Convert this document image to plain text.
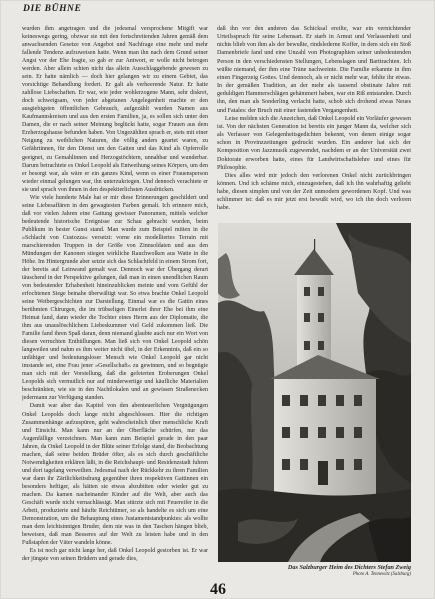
DIE BÜHNE

wurden ihm angetragen und die jedesmal versprochene Mitgift war keineswegs gering, obzwar sie mit den fortschreitenden Jahren gemäß dem anwachsenden Gesetze von Angebot und Nachfrage eine mehr und mehr fallende Tendenz aufzuweisen hatte. Wenn man ihn nach dem Grund seiner Angst vor der Ehe fragte, so gab er zur Antwort, er wolle nicht betrogen werden. Aber allein schien nicht das allein Ausschlaggebende gewesen zu sein. Er hatte nämlich — doch hier gelangen wir zu einem Gebiet, das vorsichtige Behandlung fordert. Er galt als verheerende Natur. Er hatte zahllose Liebschaften. Er war, wie jeder wohlerzogene Mann, sehr diskret, doch schweigsam, von jeder abgetanen Angelegenheit machte er den ausgiebigsten öffentlichen Gebrauch, aufgezählt wurden Namen aus Kaufmannskreisen und aus den ersten Familien, ja, es sollen sich unter den Damen, die er nach seiner Meinung beglückt hatte, sogar Frauen aus dem Erzherzogshause befunden haben. Von Ungezählten sprach er, stets mit einer Neigung zu weiblichen Naturen, die völlig anders geartet waren, zu Gefährtinnen, für den Dienst um den Gatten und das Kind als Opferrolle geeignet, zu Gemahlinnen und Herzogstöchtern, unnahbar und wunderbar. Darum betrachtete es Onkel Leopold als Entweihung seines Körpers, um den er besorgt war, als wäre er ein ganzes Kind, wenn es einer Frauensperson wieder einmal gelungen war, ihn unterzukriegen. Und dennoch verachtete er sie und sprach von ihnen in den despektierlichsten Ausdrücken.

Wie viele hunderte Male hat er mir diese Erinnerungen geschildert und seine Liebesaffären in den gewagtesten Farben gemalt. Ich erinnere mich, daß vor vielen Jahren eine Gattung gewisser Panoramen, mittels welcher bedeutende historische Ereignisse zur Schau gebracht wurden, beim Publikum in bester Gunst stand. Man wurde zum Beispiel mitten in die »Schlacht von Custozza« versetzt: vorne ein modelliertes Terrain mit marschierenden Truppen in der Größe von Zinnsoldaten und aus den Mündungen der Kanonen stiegen wirkliche Rauchwolken aus Watte in die Höhe. Im Hintergrunde aber setzte sich das Schlachtfeld in einem Strom fort, der bereits auf Leinwand gemalt war. Dennoch war der Übergang derart täuschend in der Perspektive gelungen, daß man in einen unendlichen Raum von bedeutender Erhabenheit hineinzublicken meinte und vom Gefühl der erfochtenen Siege beinahe überwältigt war. So etwa brachte Onkel Leopold seine Weibergeschichten zur Darstellung. Einmal war es die Gattin eines berühmten Chirurgen, die im trübseligen Einerlei ihrer Ehe bei ihm eine Heimat fand, dann wieder die Tochter eines Herrn aus der Diplomatie, die ihm aus unauslöschlichem Liebeskummer viel Geld zukommen ließ. Die Familie fand ihren Spaß daran, denn niemand glaubte auch nur ein Wort von diesen verruchten Enthüllungen. Man ließ sich von Onkel Leopold schön langweilen und nahm es ihm weiter nicht übel, in der Erkenntnis, daß ein so unfähiger und bedeutungsloser Mensch wie Onkel Leopold gar nicht imstande sei, eine Frau jener »Gesellschaft« zu gewinnen, und so begnügte man sich mit der Vorstellung, daß die gefeierten Eroberungen Onkel Leopolds sich vermutlich nur auf minderwertige und käufliche Materialien beschränkten, wie sie in den Nachtlokalen und an gewissen Straßenecken jedermann zur Verfügung standen.

Damit war aber das Kapitel von den abenteuerlichen Vergnügungen Onkel Leopolds doch lange nicht abgeschlossen. Hier die richtigen Zusammenhänge aufzuspüren, geht wahrscheinlich über menschliche Kraft und Einsicht. Man kann nur an der Oberfläche schürfen, nur das Augenfällige verzeichnen. Man kann zum Beispiel gerade in den paar Jahren, da Onkel Leopold in der Blüte seiner Erfolge stand, die Beobachtung machen, daß seine beiden Brüder öfter, als es sich durch geschäftliche Notwendigkeiten erklären läßt, in die Reichshaupt- und Residenzstadt fuhren und dort tagelang verweilten. Jedesmal nach der Rückkehr zu ihren Familien war dann ihr Zärtlichkeitsdrang gegenüber ihren respektiven Gattinnen ein besonders heftiger, als hätten sie etwas abzubitten oder wieder gut zu machen. Da kamen nacheinander Kinder auf die Welt, aber auch das Geschäft wurde nicht vernachlässigt. Man stürzte sich mit Feuereifer in die Arbeit, produzierte und häufte Reichtümer, so als handelte es sich um eine Demonstration, um die Behauptung eines Justamentstandpunktes: als wollte man dem leichtsinnigen Bruder, dem nie was in den Taschen hängen blieb, beweisen, daß man Besseres auf der Welt zu leisten habe und in den Fußstapfen der Väter wandeln könne.

Es ist noch gar nicht lange her, daß Onkel Leopold gestorben ist. Er war der jüngste von seinen Brüdern und gerade dies,

daß ihn vor den anderen das Schicksal ereilte, war ein vernichtender Urteilsspruch für seine Lebensart. Er starb in Armut und Verlassenheit und nichts blieb von ihm als der bewußte, rindslederne Koffer, in dem sich ein Stoß Damenbriefe fand und eine Unzahl von Photographien seiner unbedeutenden Person in den verschiedensten Stellungen, Lebenslagen und Barttrachten. Ich wüßte niemand, der ihm eine Träne nachweinte. Die Familie erkannte in ihm einen Fingerzeig Gottes. Und dennoch, als er nicht mehr war, fehlte ihr etwas. In der gemäßen Tradition, an der mehr als tausend obstinate Jahre mit geduldigen Hammerschlägen gehämmert haben, war ein Riß entstanden. Durch ihn, den man als Sonderling verlacht hatte, schob sich drohend etwas Neues und Fatales: der Bruch mit einer fastenden Vergangenheit.

Leise melden sich die Anzeichen, daß Onkel Leopold ein Vorläufer gewesen ist. Von der nächsten Generation ist bereits ein junger Mann da, welcher sich als Verfasser von Gelegenheitsgedichten bekennt, von denen einige sogar schon in Provinzzeitungen gedruckt wurden. Ein anderer hat sich der Komposition von Jazzmusik zugewendet, nachdem er an der Universität zwei Doktorate erworben hatte, eines für Landwirtschaftslehre und eines für Philosophie.

Dies alles wird mir jedoch den verlorenen Onkel nicht zurückbringen können. Und ich schäme mich, einzugestehen, daß ich ihn wahrhaftig geliebt habe, diesen simplen und von der Zeit unmodern gewordenen Kopf. Und was schlimmer ist: daß es mir jetzt erst bewußt wird, wo ich ihn doch verloren habe.

Das Salzburger Heim des Dichters Stefan Zweig
Photo A. Tennewitz (Salzburg)
46
